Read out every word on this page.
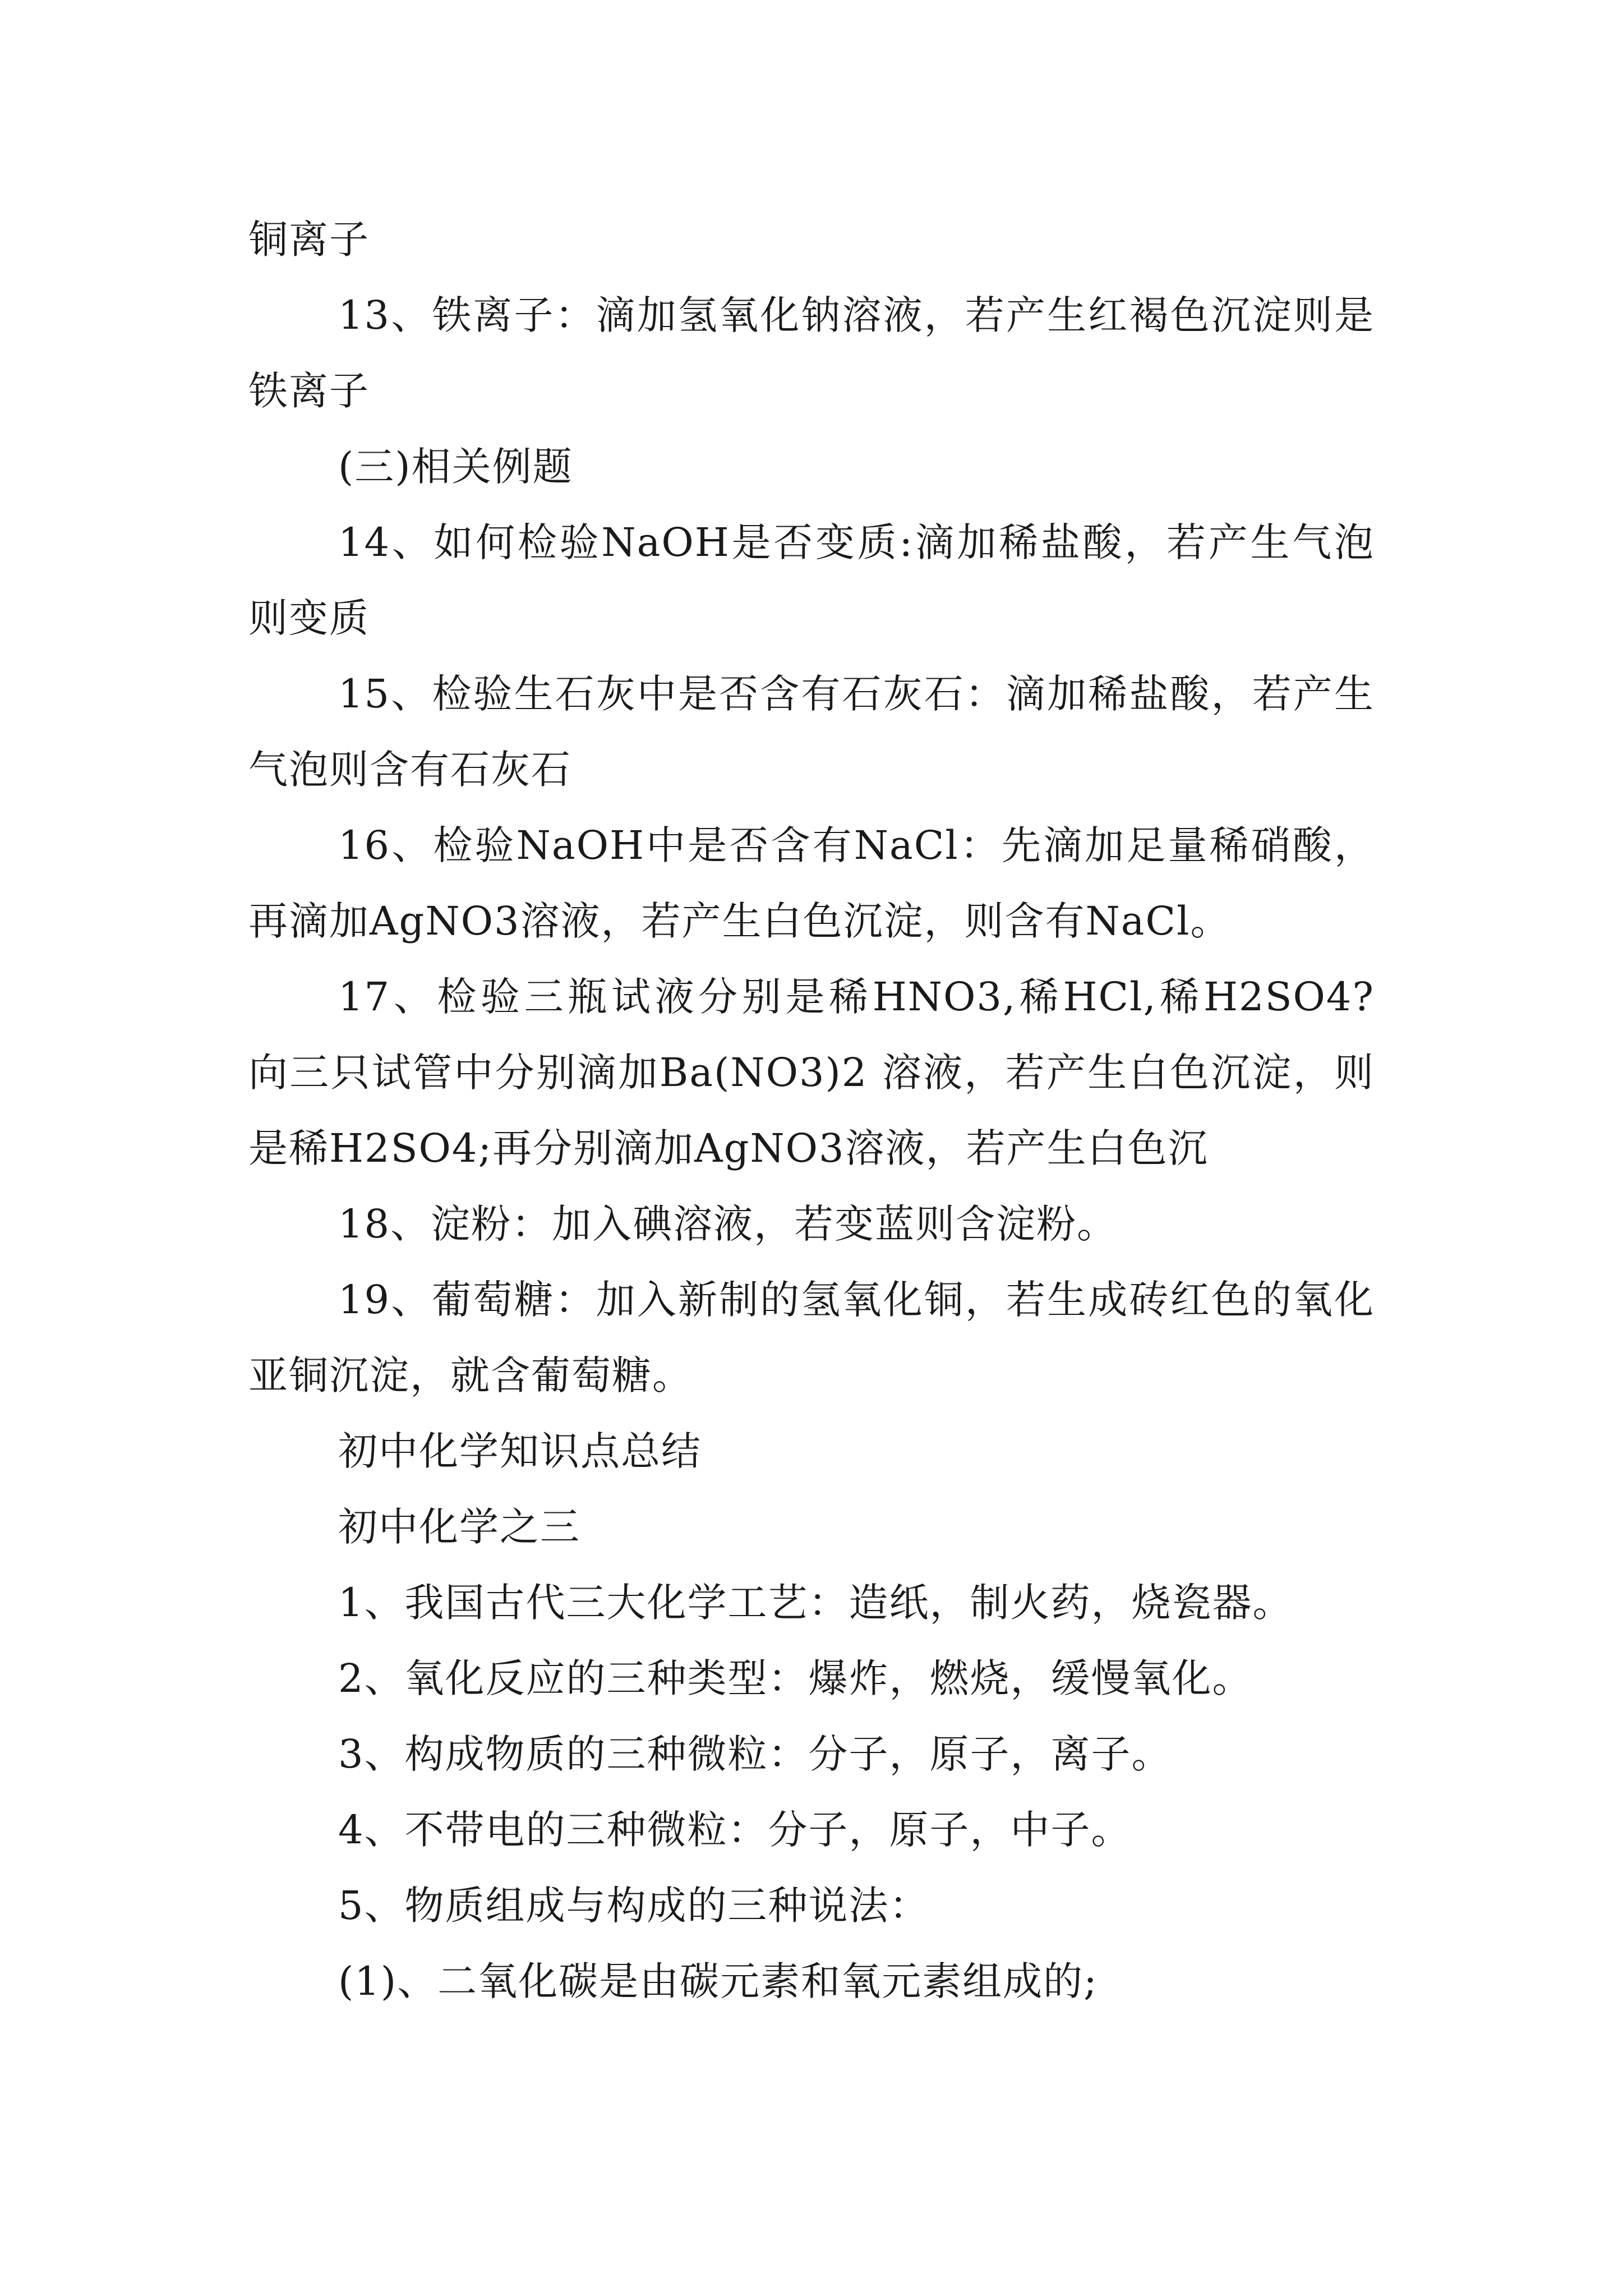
铜离子

13、铁离子：滴加氢氧化钠溶液，若产生红褐色沉淀则是铁离子

(三)相关例题

14、如何检验NaOH是否变质:滴加稀盐酸，若产生气泡则变质

15、检验生石灰中是否含有石灰石：滴加稀盐酸，若产生气泡则含有石灰石

16、检验NaOH中是否含有NaCl：先滴加足量稀硝酸，再滴加AgNO3溶液，若产生白色沉淀，则含有NaCl。

17、检验三瓶试液分别是稀HNO3,稀HCl,稀H2SO4? 向三只试管中分别滴加Ba(NO3)2 溶液，若产生白色沉淀，则是稀H2SO4;再分别滴加AgNO3溶液，若产生白色沉

18、淀粉：加入碘溶液，若变蓝则含淀粉。

19、葡萄糖：加入新制的氢氧化铜，若生成砖红色的氧化亚铜沉淀，就含葡萄糖。

初中化学知识点总结

初中化学之三

1、我国古代三大化学工艺：造纸，制火药，烧瓷器。

2、氧化反应的三种类型：爆炸，燃烧，缓慢氧化。

3、构成物质的三种微粒：分子，原子，离子。

4、不带电的三种微粒：分子，原子，中子。

5、物质组成与构成的三种说法：

(1)、二氧化碳是由碳元素和氧元素组成的;
